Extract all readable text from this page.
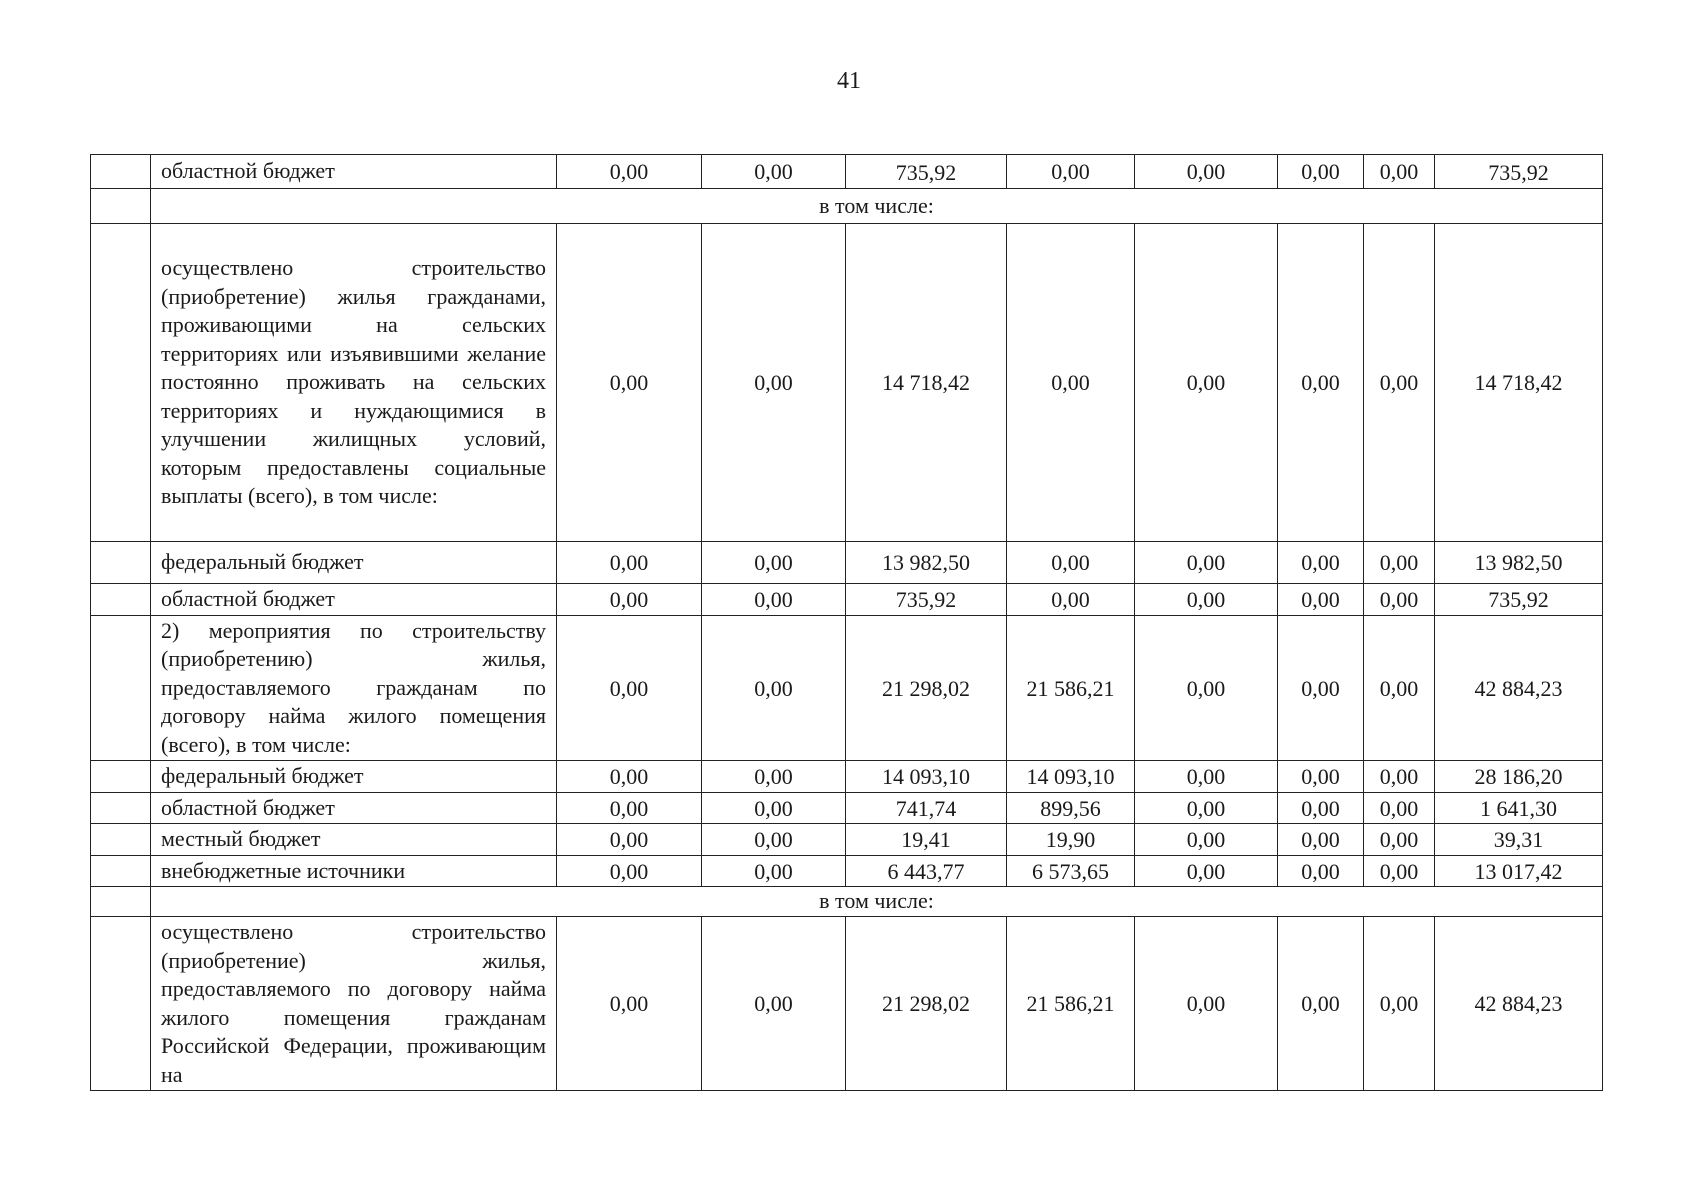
41
	областной бюджет	0,00	0,00	735,92	0,00	0,00	0,00	0,00	735,92
	в том числе:								
	осуществлено строительство (приобретение) жилья гражданами, проживающими на сельских территориях или изъявившими желание постоянно проживать на сельских территориях и нуждающимися в улучшении жилищных условий, которым предоставлены социальные выплаты (всего), в том числе:	0,00	0,00	14 718,42	0,00	0,00	0,00	0,00	14 718,42
	федеральный бюджет	0,00	0,00	13 982,50	0,00	0,00	0,00	0,00	13 982,50
	областной бюджет	0,00	0,00	735,92	0,00	0,00	0,00	0,00	735,92
	2) мероприятия по строительству (приобретению) жилья, предоставляемого гражданам по договору найма жилого помещения (всего), в том числе:	0,00	0,00	21 298,02	21 586,21	0,00	0,00	0,00	42 884,23
	федеральный бюджет	0,00	0,00	14 093,10	14 093,10	0,00	0,00	0,00	28 186,20
	областной бюджет	0,00	0,00	741,74	899,56	0,00	0,00	0,00	1 641,30
	местный бюджет	0,00	0,00	19,41	19,90	0,00	0,00	0,00	39,31
	внебюджетные источники	0,00	0,00	6 443,77	6 573,65	0,00	0,00	0,00	13 017,42
	в том числе:								
	осуществлено строительство (приобретение) жилья, предоставляемого по договору найма жилого помещения гражданам Российской Федерации, проживающим на	0,00	0,00	21 298,02	21 586,21	0,00	0,00	0,00	42 884,23
